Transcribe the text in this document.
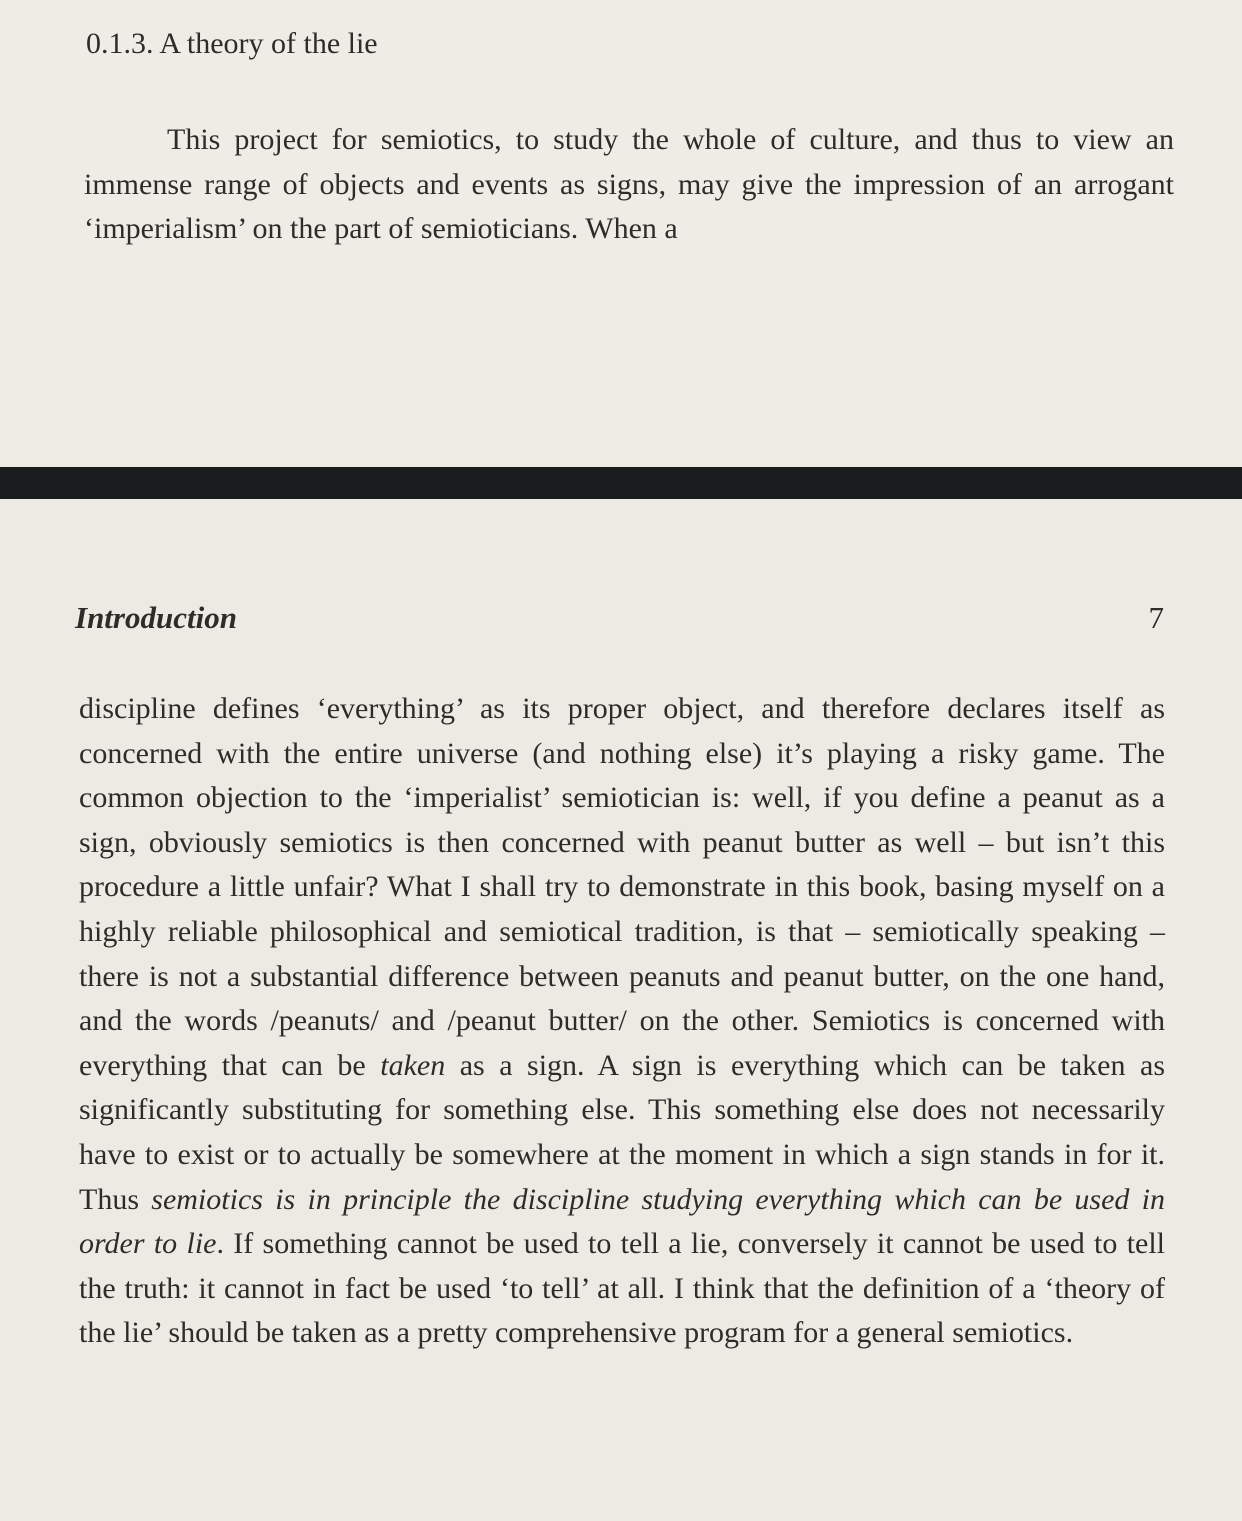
0.1.3. A theory of the lie

This project for semiotics, to study the whole of culture, and thus to view an immense range of objects and events as signs, may give the impression of an arrogant ‘imperialism’ on the part of semioticians. When a

Introduction	7

discipline defines ‘everything’ as its proper object, and therefore declares itself as concerned with the entire universe (and nothing else) it’s playing a risky game. The common objection to the ‘imperialist’ semiotician is: well, if you define a peanut as a sign, obviously semiotics is then concerned with peanut butter as well – but isn’t this procedure a little unfair? What I shall try to demonstrate in this book, basing myself on a highly reliable philosophical and semiotical tradition, is that – semiotically speaking – there is not a substantial difference between peanuts and peanut butter, on the one hand, and the words /peanuts/ and /peanut butter/ on the other. Semiotics is concerned with everything that can be taken as a sign. A sign is everything which can be taken as significantly substituting for something else. This something else does not necessarily have to exist or to actually be somewhere at the moment in which a sign stands in for it. Thus semiotics is in principle the discipline studying everything which can be used in order to lie. If something cannot be used to tell a lie, conversely it cannot be used to tell the truth: it cannot in fact be used ‘to tell’ at all. I think that the definition of a ‘theory of the lie’ should be taken as a pretty comprehensive program for a general semiotics.
